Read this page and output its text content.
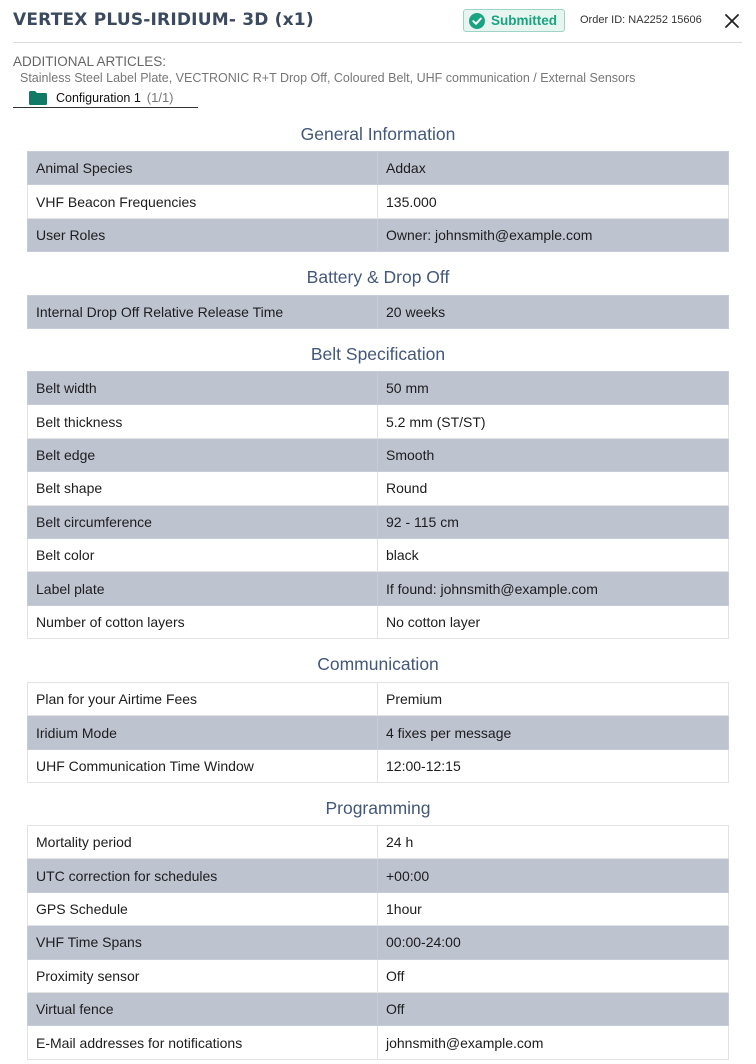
VERTEX PLUS-IRIDIUM- 3D (x1)	Submitted Order ID: NA2252 15606
ADDITIONAL ARTICLES:
Stainless Steel Label Plate, VECTRONIC R+T Drop Off, Coloured Belt, UHF communication / External Sensors
Configuration 1 (1/1)
General Information
Animal Species	Addax
VHF Beacon Frequencies	135.000
User Roles	Owner: johnsmith@example.com
Battery & Drop Off
Internal Drop Off Relative Release Time	20 weeks
Belt Specification
Belt width	50 mm
Belt thickness	5.2 mm (ST/ST)
Belt edge	Smooth
Belt shape	Round
Belt circumference	92 - 115 cm
Belt color	black
Label plate	If found: johnsmith@example.com
Number of cotton layers	No cotton layer
Communication
Plan for your Airtime Fees	Premium
Iridium Mode	4 fixes per message
UHF Communication Time Window	12:00-12:15
Programming
Mortality period	24 h
UTC correction for schedules	+00:00
GPS Schedule	1hour
VHF Time Spans	00:00-24:00
Proximity sensor	Off
Virtual fence	Off
E-Mail addresses for notifications	johnsmith@example.com
